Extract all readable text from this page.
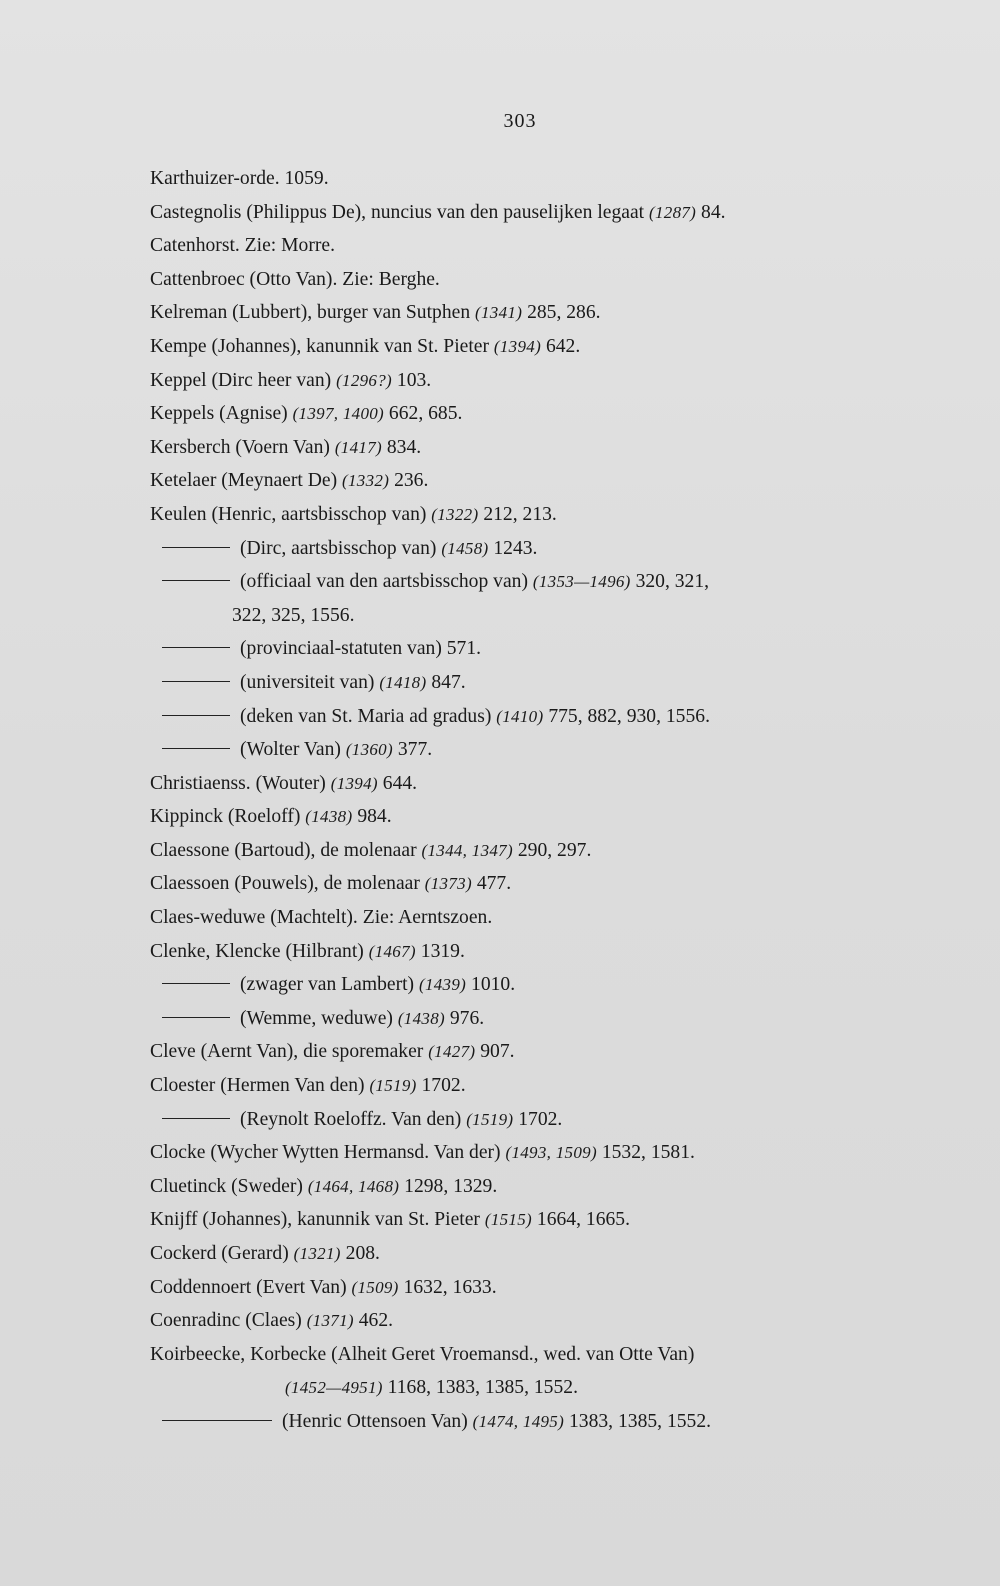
303
Karthuizer-orde. 1059.
Castegnolis (Philippus De), nuncius van den pauselijken legaat (1287) 84.
Catenhorst. Zie: Morre.
Cattenbroec (Otto Van). Zie: Berghe.
Kelreman (Lubbert), burger van Sutphen (1341) 285, 286.
Kempe (Johannes), kanunnik van St. Pieter (1394) 642.
Keppel (Dirc heer van) (1296?) 103.
Keppels (Agnise) (1397, 1400) 662, 685.
Kersberch (Voern Van) (1417) 834.
Ketelaer (Meynaert De) (1332) 236.
Keulen (Henric, aartsbisschop van) (1322) 212, 213.
(Dirc, aartsbisschop van) (1458) 1243.
(officiaal van den aartsbisschop van) (1353—1496) 320, 321,
322, 325, 1556.
(provinciaal-statuten van) 571.
(universiteit van) (1418) 847.
(deken van St. Maria ad gradus) (1410) 775, 882, 930, 1556.
(Wolter Van) (1360) 377.
Christiaenss. (Wouter) (1394) 644.
Kippinck (Roeloff) (1438) 984.
Claessone (Bartoud), de molenaar (1344, 1347) 290, 297.
Claessoen (Pouwels), de molenaar (1373) 477.
Claes-weduwe (Machtelt). Zie: Aerntszoen.
Clenke, Klencke (Hilbrant) (1467) 1319.
(zwager van Lambert) (1439) 1010.
(Wemme, weduwe) (1438) 976.
Cleve (Aernt Van), die sporemaker (1427) 907.
Cloester (Hermen Van den) (1519) 1702.
(Reynolt Roeloffz. Van den) (1519) 1702.
Clocke (Wycher Wytten Hermansd. Van der) (1493, 1509) 1532, 1581.
Cluetinck (Sweder) (1464, 1468) 1298, 1329.
Knijff (Johannes), kanunnik van St. Pieter (1515) 1664, 1665.
Cockerd (Gerard) (1321) 208.
Coddennoert (Evert Van) (1509) 1632, 1633.
Coenradinc (Claes) (1371) 462.
Koirbeecke, Korbecke (Alheit Geret Vroemansd., wed. van Otte Van)
(1452—4951) 1168, 1383, 1385, 1552.
(Henric Ottensoen Van) (1474, 1495) 1383, 1385, 1552.
